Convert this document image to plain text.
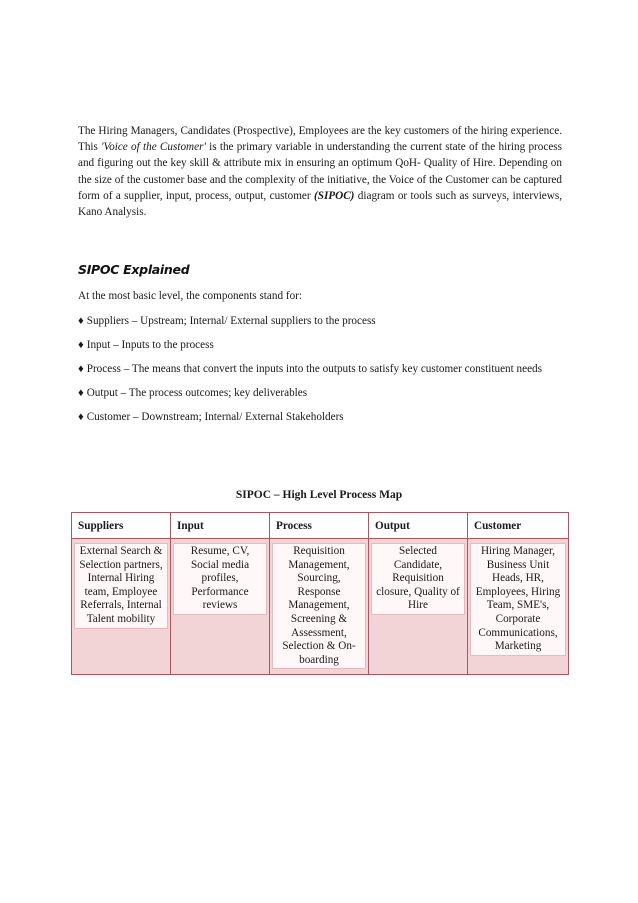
The Hiring Managers, Candidates (Prospective), Employees are the key customers of the hiring experience. This 'Voice of the Customer' is the primary variable in understanding the current state of the hiring process and figuring out the key skill & attribute mix in ensuring an optimum QoH- Quality of Hire. Depending on the size of the customer base and the complexity of the initiative, the Voice of the Customer can be captured form of a supplier, input, process, output, customer (SIPOC) diagram or tools such as surveys, interviews, Kano Analysis.

SIPOC Explained

At the most basic level, the components stand for:

♦ Suppliers – Upstream; Internal/ External suppliers to the process
♦ Input – Inputs to the process
♦ Process – The means that convert the inputs into the outputs to satisfy key customer constituent needs
♦ Output – The process outcomes; key deliverables
♦ Customer – Downstream; Internal/ External Stakeholders
SIPOC – High Level Process Map
Suppliers	Input	Process	Output	Customer

External Search & Selection partners, Internal Hiring team, Employee Referrals, Internal Talent mobility	Resume, CV, Social media profiles, Performance reviews	Requisition Management, Sourcing, Response Management, Screening & Assessment, Selection & On-boarding	Selected Candidate, Requisition closure, Quality of Hire	Hiring Manager, Business Unit Heads, HR, Employees, Hiring Team, SME's, Corporate Communications, Marketing
